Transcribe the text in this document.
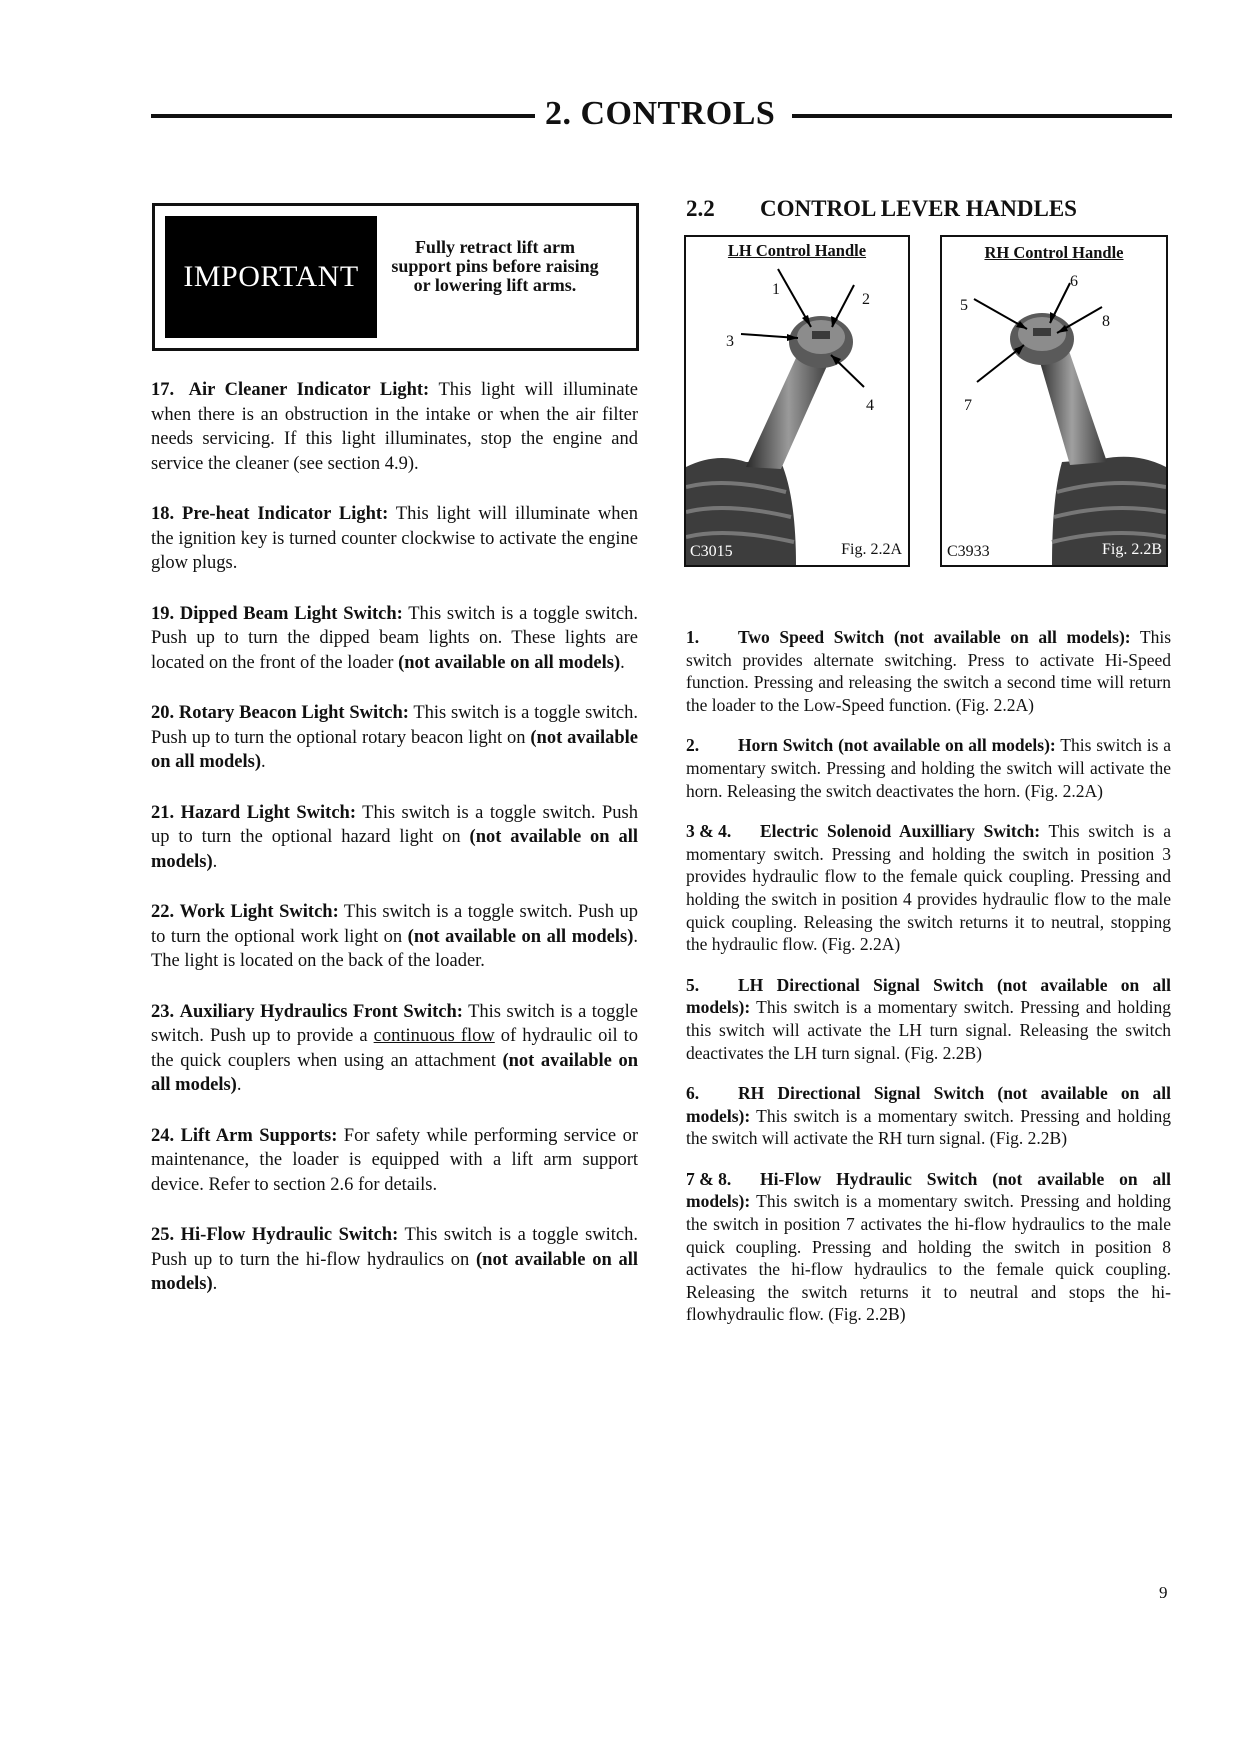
2. CONTROLS
IMPORTANT
Fully retract lift arm support pins before raising or lowering lift arms.

17. Air Cleaner Indicator Light: This light will illuminate when there is an obstruction in the intake or when the air filter needs servicing. If this light illuminates, stop the engine and service the cleaner (see section 4.9).

18. Pre-heat Indicator Light: This light will illuminate when the ignition key is turned counter clockwise to activate the engine glow plugs.

19. Dipped Beam Light Switch: This switch is a toggle switch. Push up to turn the dipped beam lights on. These lights are located on the front of the loader (not available on all models).

20. Rotary Beacon Light Switch: This switch is a toggle switch. Push up to turn the optional rotary beacon light on (not available on all models).

21. Hazard Light Switch: This switch is a toggle switch. Push up to turn the optional hazard light on (not available on all models).

22. Work Light Switch: This switch is a toggle switch. Push up to turn the optional work light on (not available on all models). The light is located on the back of the loader.

23. Auxiliary Hydraulics Front Switch: This switch is a toggle switch. Push up to provide a continuous flow of hydraulic oil to the quick couplers when using an attachment (not available on all models).

24. Lift Arm Supports: For safety while performing service or maintenance, the loader is equipped with a lift arm support device. Refer to section 2.6 for details.

25. Hi-Flow Hydraulic Switch: This switch is a toggle switch. Push up to turn the hi-flow hydraulics on (not available on all models).

2.2 CONTROL LEVER HANDLES
LH Control Handle
1
2
3
4
C3015	Fig. 2.2A
RH Control Handle
5
6
8
7
C3933	Fig. 2.2B

1. Two Speed Switch (not available on all models): This switch provides alternate switching. Press to activate Hi-Speed function. Pressing and releasing the switch a second time will return the loader to the Low-Speed function. (Fig. 2.2A)

2. Horn Switch (not available on all models): This switch is a momentary switch. Pressing and holding the switch will activate the horn. Releasing the switch deactivates the horn. (Fig. 2.2A)

3 & 4. Electric Solenoid Auxilliary Switch: This switch is a momentary switch. Pressing and holding the switch in position 3 provides hydraulic flow to the female quick coupling. Pressing and holding the switch in position 4 provides hydraulic flow to the male quick coupling. Releasing the switch returns it to neutral, stopping the hydraulic flow. (Fig. 2.2A)

5. LH Directional Signal Switch (not available on all models): This switch is a momentary switch. Pressing and holding this switch will activate the LH turn signal. Releasing the switch deactivates the LH turn signal. (Fig. 2.2B)

6. RH Directional Signal Switch (not available on all models): This switch is a momentary switch. Pressing and holding the switch will activate the RH turn signal. (Fig. 2.2B)

7 & 8. Hi-Flow Hydraulic Switch (not available on all models): This switch is a momentary switch. Pressing and holding the switch in position 7 activates the hi-flow hydraulics to the male quick coupling. Pressing and holding the switch in position 8 activates the hi-flow hydraulics to the female quick coupling. Releasing the switch returns it to neutral and stops the hi-flowhydraulic flow. (Fig. 2.2B)

9
